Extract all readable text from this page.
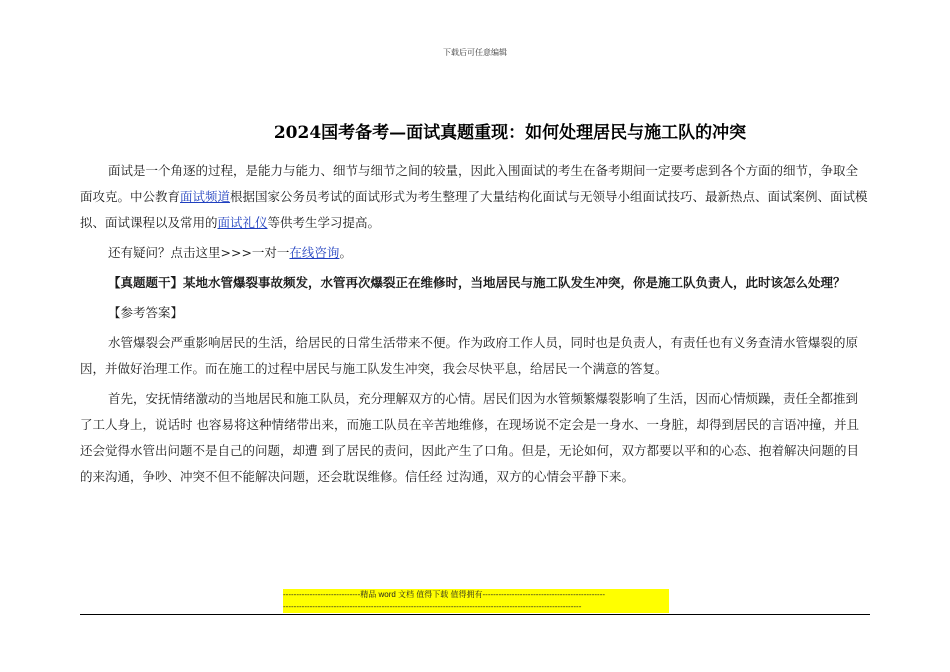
下载后可任意编辑
2024国考备考—面试真题重现：如何处理居民与施工队的冲突

面试是一个角逐的过程，是能力与能力、细节与细节之间的较量，因此入围面试的考生在备考期间一定要考虑到各个方面的细节，争取全面攻克。中公教育面试频道根据国家公务员考试的面试形式为考生整理了大量结构化面试与无领导小组面试技巧、最新热点、面试案例、面试模拟、面试课程以及常用的面试礼仪等供考生学习提高。

还有疑问？点击这里>>>一对一在线咨询。

【真题题干】某地水管爆裂事故频发，水管再次爆裂正在维修时，当地居民与施工队发生冲突，你是施工队负责人，此时该怎么处理？

【参考答案】

水管爆裂会严重影响居民的生活，给居民的日常生活带来不便。作为政府工作人员，同时也是负责人，有责任也有义务查清水管爆裂的原因，并做好治理工作。而在施工的过程中居民与施工队发生冲突，我会尽快平息，给居民一个满意的答复。

首先，安抚情绪激动的当地居民和施工队员，充分理解双方的心情。居民们因为水管频繁爆裂影响了生活，因而心情烦躁，责任全都推到了工人身上，说话时 也容易将这种情绪带出来，而施工队员在辛苦地维修，在现场说不定会是一身水、一身脏，却得到居民的言语冲撞，并且还会觉得水管出问题不是自己的问题，却遭 到了居民的责问，因此产生了口角。但是，无论如何，双方都要以平和的心态、抱着解决问题的目的来沟通，争吵、冲突不但不能解决问题，还会耽误维修。信任经 过沟通，双方的心情会平静下来。

-----------------------------精品 word 文档 值得下载 值得拥有----------------------------------------------
----------------------------------------------------------------------------------------------------------------
